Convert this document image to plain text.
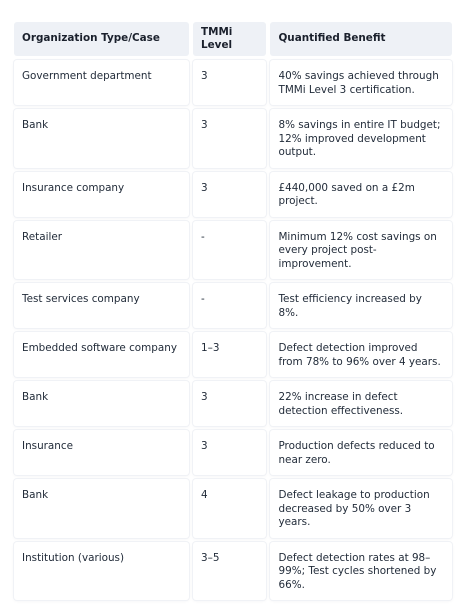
Organization Type/Case	TMMi Level	Quantified Benefit
Government department	3	40% savings achieved through TMMi Level 3 certification.
Bank	3	8% savings in entire IT budget; 12% improved development output.
Insurance company	3	£440,000 saved on a £2m project.
Retailer	-	Minimum 12% cost savings on every project post-improvement.
Test services company	-	Test efficiency increased by 8%.
Embedded software company	1–3	Defect detection improved from 78% to 96% over 4 years.
Bank	3	22% increase in defect detection effectiveness.
Insurance	3	Production defects reduced to near zero.
Bank	4	Defect leakage to production decreased by 50% over 3 years.
Institution (various)	3–5	Defect detection rates at 98–99%; Test cycles shortened by 66%.
